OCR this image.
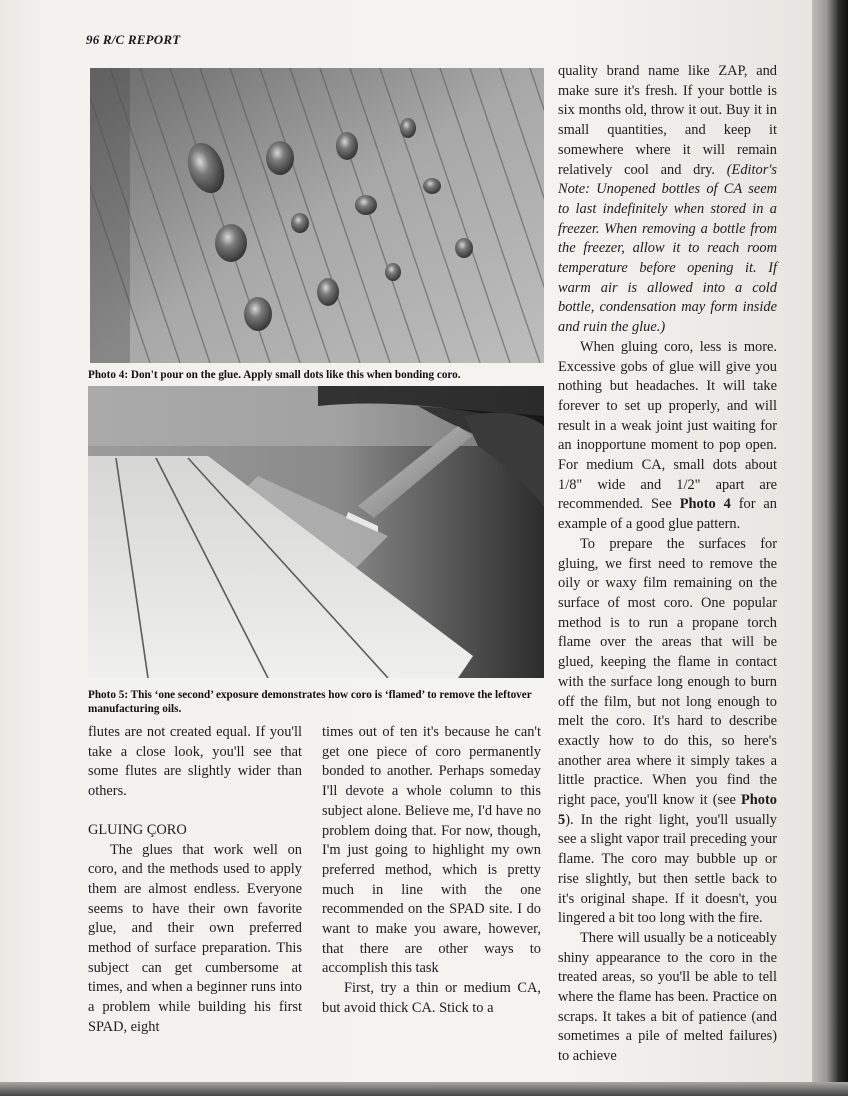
96 R/C REPORT
Photo 4: Don't pour on the glue. Apply small dots like this when bonding coro.
Photo 5: This ‘one second’ exposure demonstrates how coro is ‘flamed’ to remove the leftover manufacturing oils.

flutes are not created equal. If you'll take a close look, you'll see that some flutes are slightly wider than others.

GLUING ÇORO

The glues that work well on coro, and the methods used to apply them are almost endless. Everyone seems to have their own favorite glue, and their own preferred method of surface preparation. This subject can get cumbersome at times, and when a beginner runs into a problem while building his first SPAD, eight

times out of ten it's because he can't get one piece of coro permanently bonded to another. Perhaps someday I'll devote a whole column to this subject alone. Believe me, I'd have no problem doing that. For now, though, I'm just going to highlight my own preferred method, which is pretty much in line with the one recommended on the SPAD site. I do want to make you aware, however, that there are other ways to accomplish this task

First, try a thin or medium CA, but avoid thick CA. Stick to a

quality brand name like ZAP, and make sure it's fresh. If your bottle is six months old, throw it out. Buy it in small quantities, and keep it somewhere where it will remain relatively cool and dry. (Editor's Note: Unopened bottles of CA seem to last indefinitely when stored in a freezer. When removing a bottle from the freezer, allow it to reach room temperature before opening it. If warm air is allowed into a cold bottle, condensation may form inside and ruin the glue.)

When gluing coro, less is more. Excessive gobs of glue will give you nothing but headaches. It will take forever to set up properly, and will result in a weak joint just waiting for an inopportune moment to pop open. For medium CA, small dots about 1/8" wide and 1/2" apart are recommended. See Photo 4 for an example of a good glue pattern.

To prepare the surfaces for gluing, we first need to remove the oily or waxy film remaining on the surface of most coro. One popular method is to run a propane torch flame over the areas that will be glued, keeping the flame in contact with the surface long enough to burn off the film, but not long enough to melt the coro. It's hard to describe exactly how to do this, so here's another area where it simply takes a little practice. When you find the right pace, you'll know it (see Photo 5). In the right light, you'll usually see a slight vapor trail preceding your flame. The coro may bubble up or rise slightly, but then settle back to it's original shape. If it doesn't, you lingered a bit too long with the fire.

There will usually be a noticeably shiny appearance to the coro in the treated areas, so you'll be able to tell where the flame has been. Practice on scraps. It takes a bit of patience (and sometimes a pile of melted failures) to achieve
